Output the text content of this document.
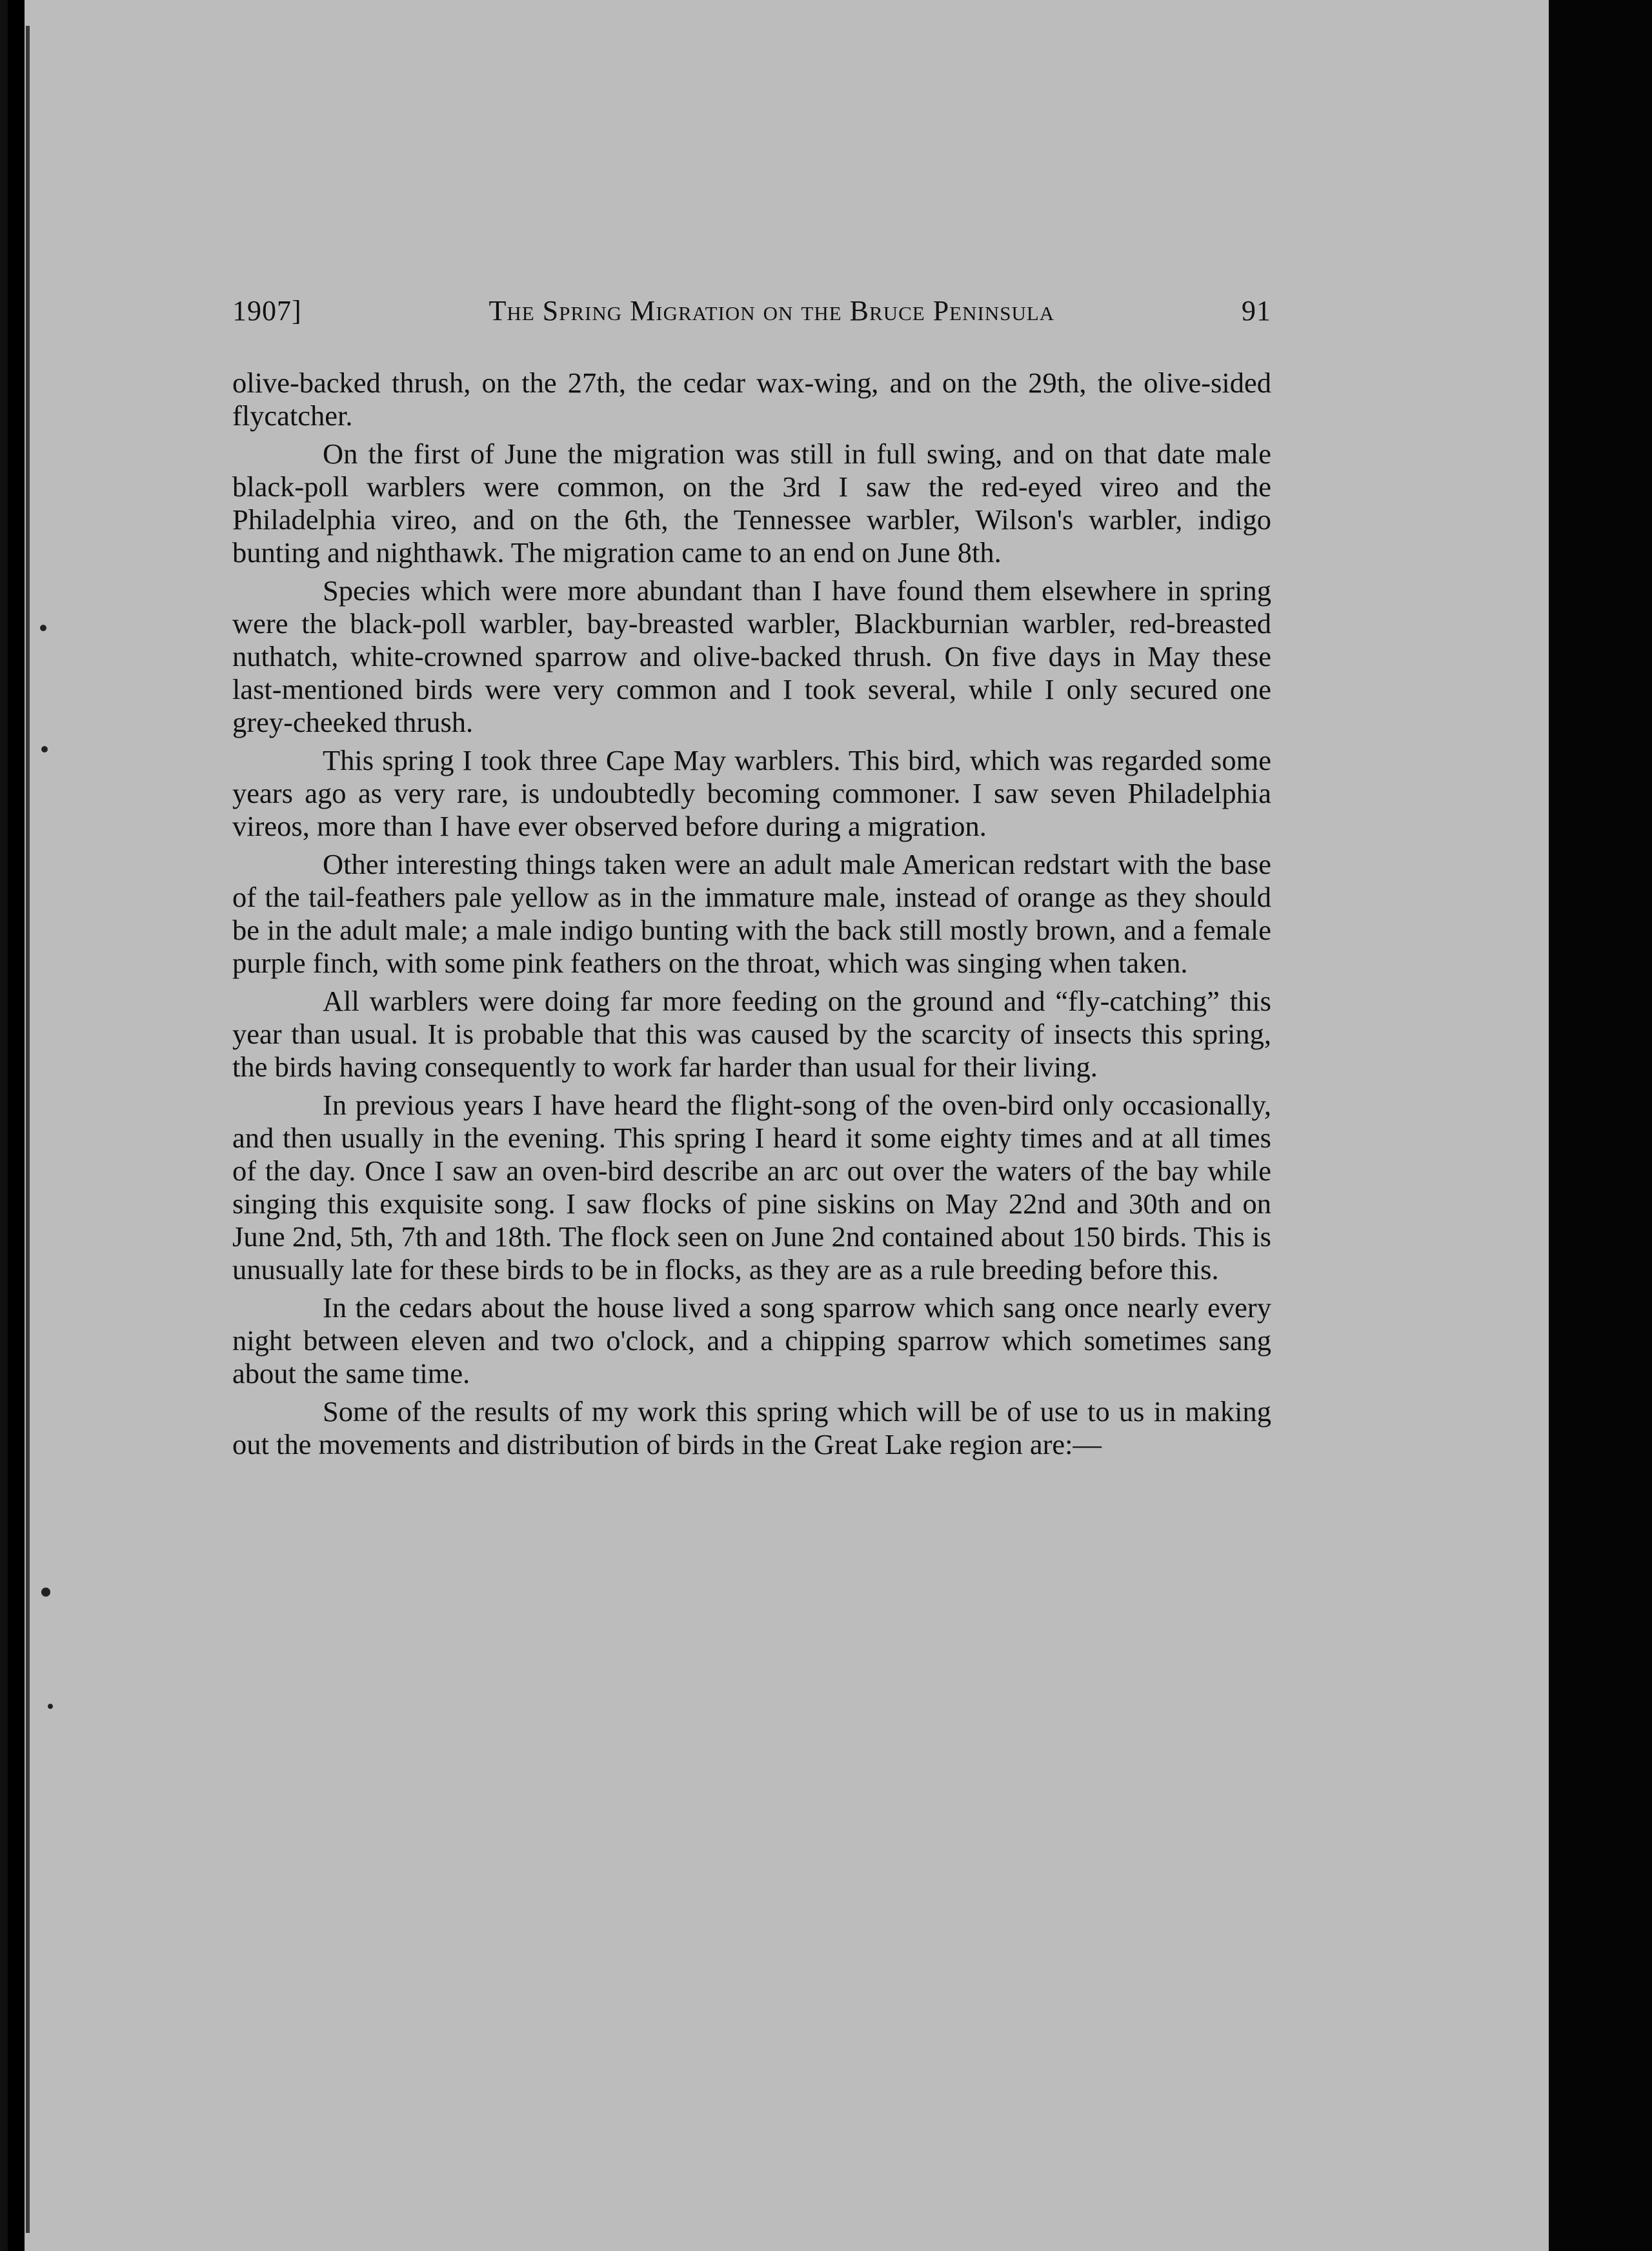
1907]	The Spring Migration on the Bruce Peninsula	91

olive-backed thrush, on the 27th, the cedar wax-wing, and on the 29th, the olive-sided flycatcher.

On the first of June the migration was still in full swing, and on that date male black-poll warblers were common, on the 3rd I saw the red-eyed vireo and the Philadelphia vireo, and on the 6th, the Tennessee warbler, Wilson's warbler, indigo bunting and nighthawk. The migration came to an end on June 8th.

Species which were more abundant than I have found them elsewhere in spring were the black-poll warbler, bay-breasted warbler, Blackburnian warbler, red-breasted nuthatch, white-crowned sparrow and olive-backed thrush. On five days in May these last-mentioned birds were very common and I took several, while I only secured one grey-cheeked thrush.

This spring I took three Cape May warblers. This bird, which was regarded some years ago as very rare, is undoubtedly becoming commoner. I saw seven Philadelphia vireos, more than I have ever observed before during a migration.

Other interesting things taken were an adult male American redstart with the base of the tail-feathers pale yellow as in the immature male, instead of orange as they should be in the adult male; a male indigo bunting with the back still mostly brown, and a female purple finch, with some pink feathers on the throat, which was singing when taken.

All warblers were doing far more feeding on the ground and “fly-catching” this year than usual. It is probable that this was caused by the scarcity of insects this spring, the birds having consequently to work far harder than usual for their living.

In previous years I have heard the flight-song of the oven-bird only occasionally, and then usually in the evening. This spring I heard it some eighty times and at all times of the day. Once I saw an oven-bird describe an arc out over the waters of the bay while singing this exquisite song. I saw flocks of pine siskins on May 22nd and 30th and on June 2nd, 5th, 7th and 18th. The flock seen on June 2nd contained about 150 birds. This is unusually late for these birds to be in flocks, as they are as a rule breeding before this.

In the cedars about the house lived a song sparrow which sang once nearly every night between eleven and two o'clock, and a chipping sparrow which sometimes sang about the same time.

Some of the results of my work this spring which will be of use to us in making out the movements and distribution of birds in the Great Lake region are:—
